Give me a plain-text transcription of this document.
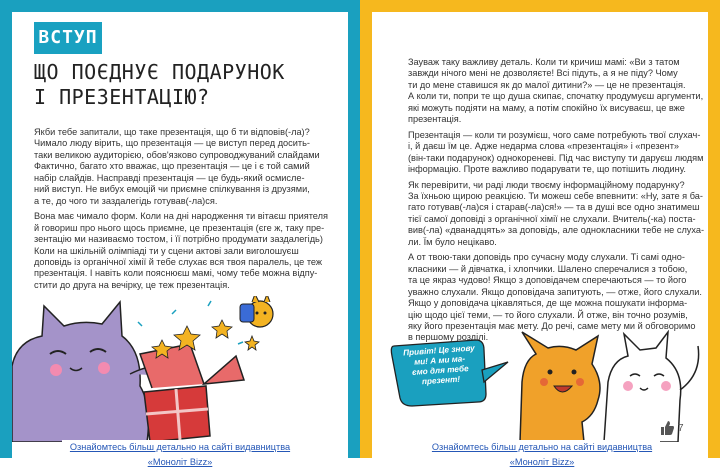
ВСТУП
ЩО ПОЄДНУЄ ПОДАРУНОК
І ПРЕЗЕНТАЦІЮ?

Якби тебе запитали, що таке презентація, що б ти відповів(-ла)?
Чимало люду вірить, що презентація — це виступ перед досить-
таки великою аудиторією, обов'язково супроводжуваний слайдами
Фактично, багато хто вважає, що презентація — це і є той самий
набір слайдів. Насправді презентація — це будь-який осмисле-
ний виступ. Не вибух емоцій чи приємне спілкування із друзями,
а те, до чого ти заздалегідь готував(-ла)ся.

Вона має чимало форм. Коли на дні народження ти вітаєш приятеля
й говориш про нього щось приємне, це презентація (єге ж, таку пре-
зентацію ми називаємо тостом, і її потрібно продумати заздалегідь)
Коли на шкільній олімпіаді ти у сцени актові зали виголошуєш
доповідь із органічної хімії й тебе слухає вся твоя паралель, це теж
презентація. І навіть коли пояснюєш мамі, чому тебе можна відпу-
стити до друга на вечірку, це теж презентація.

Ознайомтесь більш детально на сайті видавництва «Моноліт Bizz»

Зауваж таку важливу деталь. Коли ти кричиш мамі: «Ви з татом
завжди нічого мені не дозволяєте! Всі підуть, а я не піду? Чому
ти до мене ставишся як до малої дитини?» — це не презентація.
А коли ти, попри те що душа скипає, спочатку продумуєш аргументи,
які можуть подіяти на маму, а потім спокійно їх висуваєш, це вже
презентація.

Презентація — коли ти розумієш, чого саме потребують твої слухач-
і, й даєш їм це. Адже недарма слова «презентація» і «презент»
(він-таки подарунок) однокореневі. Під час виступу ти даруєш людям
інформацію. Проте важливо подарувати те, що потішить людину.

Як перевірити, чи раді люди твоєму інформаційному подарунку?
За їхньою щирою реакцією. Ти можеш себе впевнити: «Ну, зате я ба-
гато готував(-ла)ся і старав(-ла)ся!» — та в душі все одно знатимеш
тієї самої доповіді з органічної хімії не слухали. Вчитель(-ка) поста-
вив(-ла) «дванадцять» за доповідь, але однокласники тебе не слуха-
ли. Їм було нецікаво.

А от твою-таки доповідь про сучасну моду слухали. Ті самі одно-
класники — й дівчатка, і хлопчики. Шалено сперечалися з тобою,
та це якраз чудово! Якщо з доповідачем сперечаються — то його
уважно слухали. Якщо доповідача запитують, — отже, його слухали.
Якщо у доповідача цікавляться, де ще можна пошукати інформа-
цію щодо цієї теми, — то його слухали. Й отже, він точно розумів,
яку його презентація має мету. До речі, саме мету ми й обговоримо
в першому розділі.

Привіт! Це знову
ми! А ми ма-
ємо для тебе
презент!
7
Ознайомтесь більш детально на сайті видавництва «Моноліт Bizz»
